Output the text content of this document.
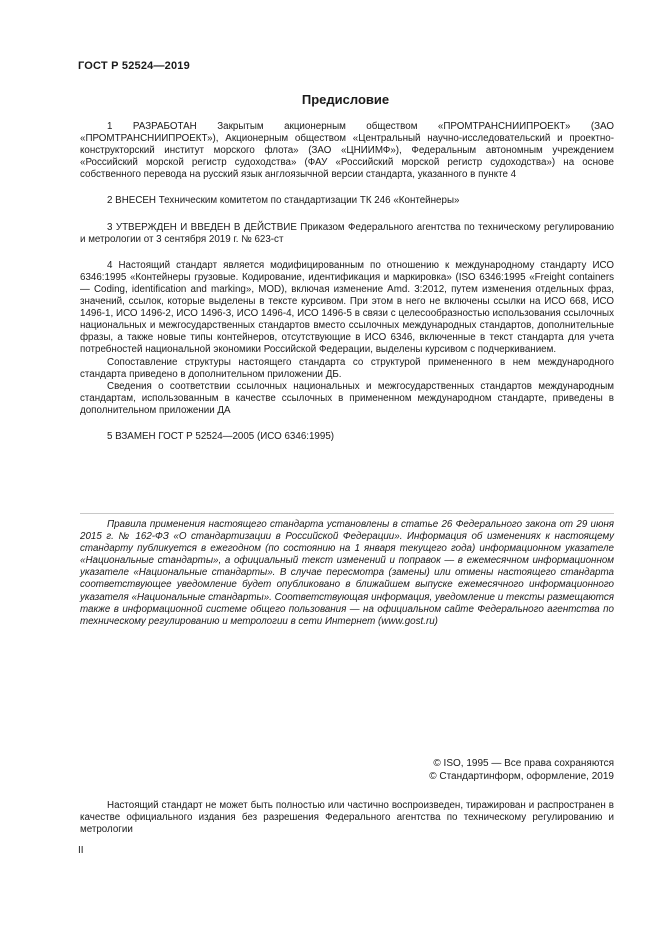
ГОСТ Р 52524—2019
Предисловие

1 РАЗРАБОТАН Закрытым акционерным обществом «ПРОМТРАНСНИИПРОЕКТ» (ЗАО «ПРОМТРАНСНИИПРОЕКТ»), Акционерным обществом «Центральный научно-исследовательский и проектно-конструкторский институт морского флота» (ЗАО «ЦНИИМФ»), Федеральным автономным учреждением «Российский морской регистр судоходства» (ФАУ «Российский морской регистр судоходства») на основе собственного перевода на русский язык англоязычной версии стандарта, указанного в пункте 4

2 ВНЕСЕН Техническим комитетом по стандартизации ТК 246 «Контейнеры»

3 УТВЕРЖДЕН И ВВЕДЕН В ДЕЙСТВИЕ Приказом Федерального агентства по техническому регулированию и метрологии от 3 сентября 2019 г. № 623-ст

4 Настоящий стандарт является модифицированным по отношению к международному стандарту ИСО 6346:1995 «Контейнеры грузовые. Кодирование, идентификация и маркировка» (ISO 6346:1995 «Freight containers — Coding, identification and marking», MOD), включая изменение Amd. 3:2012, путем изменения отдельных фраз, значений, ссылок, которые выделены в тексте курсивом. При этом в него не включены ссылки на ИСО 668, ИСО 1496-1, ИСО 1496-2, ИСО 1496-3, ИСО 1496-4, ИСО 1496-5 в связи с целесообразностью использования ссылочных национальных и межгосударственных стандартов вместо ссылочных международных стандартов, дополнительные фразы, а также новые типы контейнеров, отсутствующие в ИСО 6346, включенные в текст стандарта для учета потребностей национальной экономики Российской Федерации, выделены курсивом с подчеркиванием.

Сопоставление структуры настоящего стандарта со структурой примененного в нем международного стандарта приведено в дополнительном приложении ДБ.

Сведения о соответствии ссылочных национальных и межгосударственных стандартов международным стандартам, использованным в качестве ссылочных в примененном международном стандарте, приведены в дополнительном приложении ДА

5 ВЗАМЕН ГОСТ Р 52524—2005 (ИСО 6346:1995)

Правила применения настоящего стандарта установлены в статье 26 Федерального закона от 29 июня 2015 г. № 162-ФЗ «О стандартизации в Российской Федерации». Информация об изменениях к настоящему стандарту публикуется в ежегодном (по состоянию на 1 января текущего года) информационном указателе «Национальные стандарты», а официальный текст изменений и поправок — в ежемесячном информационном указателе «Национальные стандарты». В случае пересмотра (замены) или отмены настоящего стандарта соответствующее уведомление будет опубликовано в ближайшем выпуске ежемесячного информационного указателя «Национальные стандарты». Соответствующая информация, уведомление и тексты размещаются также в информационной системе общего пользования — на официальном сайте Федерального агентства по техническому регулированию и метрологии в сети Интернет (www.gost.ru)

© ISO, 1995 — Все права сохраняются
© Стандартинформ, оформление, 2019

Настоящий стандарт не может быть полностью или частично воспроизведен, тиражирован и распространен в качестве официального издания без разрешения Федерального агентства по техническому регулированию и метрологии

II
